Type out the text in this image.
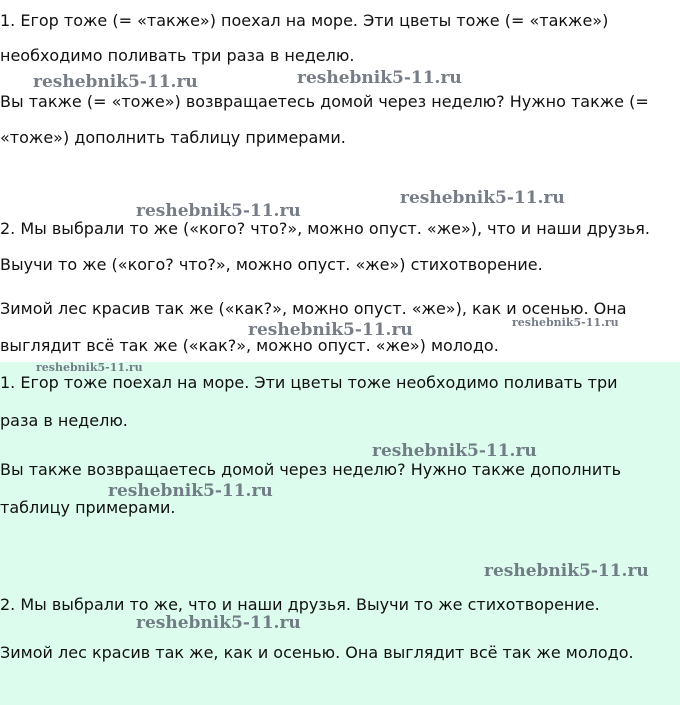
1. Егор тоже (= «также») поехал на море. Эти цветы тоже (= «также»)

необходимо поливать три раза в неделю.

Вы также (= «тоже») возвращаетесь домой через неделю? Нужно также (=

«тоже») дополнить таблицу примерами.

2. Мы выбрали то же («кого? что?», можно опуст. «же»), что и наши друзья.

Выучи то же («кого? что?», можно опуст. «же») стихотворение.

Зимой лес красив так же («как?», можно опуст. «же»), как и осенью. Она

выглядит всё так же («как?», можно опуст. «же») молодо.

1. Егор тоже поехал на море. Эти цветы тоже необходимо поливать три

раза в неделю.

Вы также возвращаетесь домой через неделю? Нужно также дополнить

таблицу примерами.

2. Мы выбрали то же, что и наши друзья. Выучи то же стихотворение.

Зимой лес красив так же, как и осенью. Она выглядит всё так же молодо.

reshebnik5-11.ru	reshebnik5-11.ru
reshebnik5-11.ru
reshebnik5-11.ru
reshebnik5-11.ru	reshebnik5-11.ru
reshebnik5-11.ru
reshebnik5-11.ru
reshebnik5-11.ru
reshebnik5-11.ru
reshebnik5-11.ru
